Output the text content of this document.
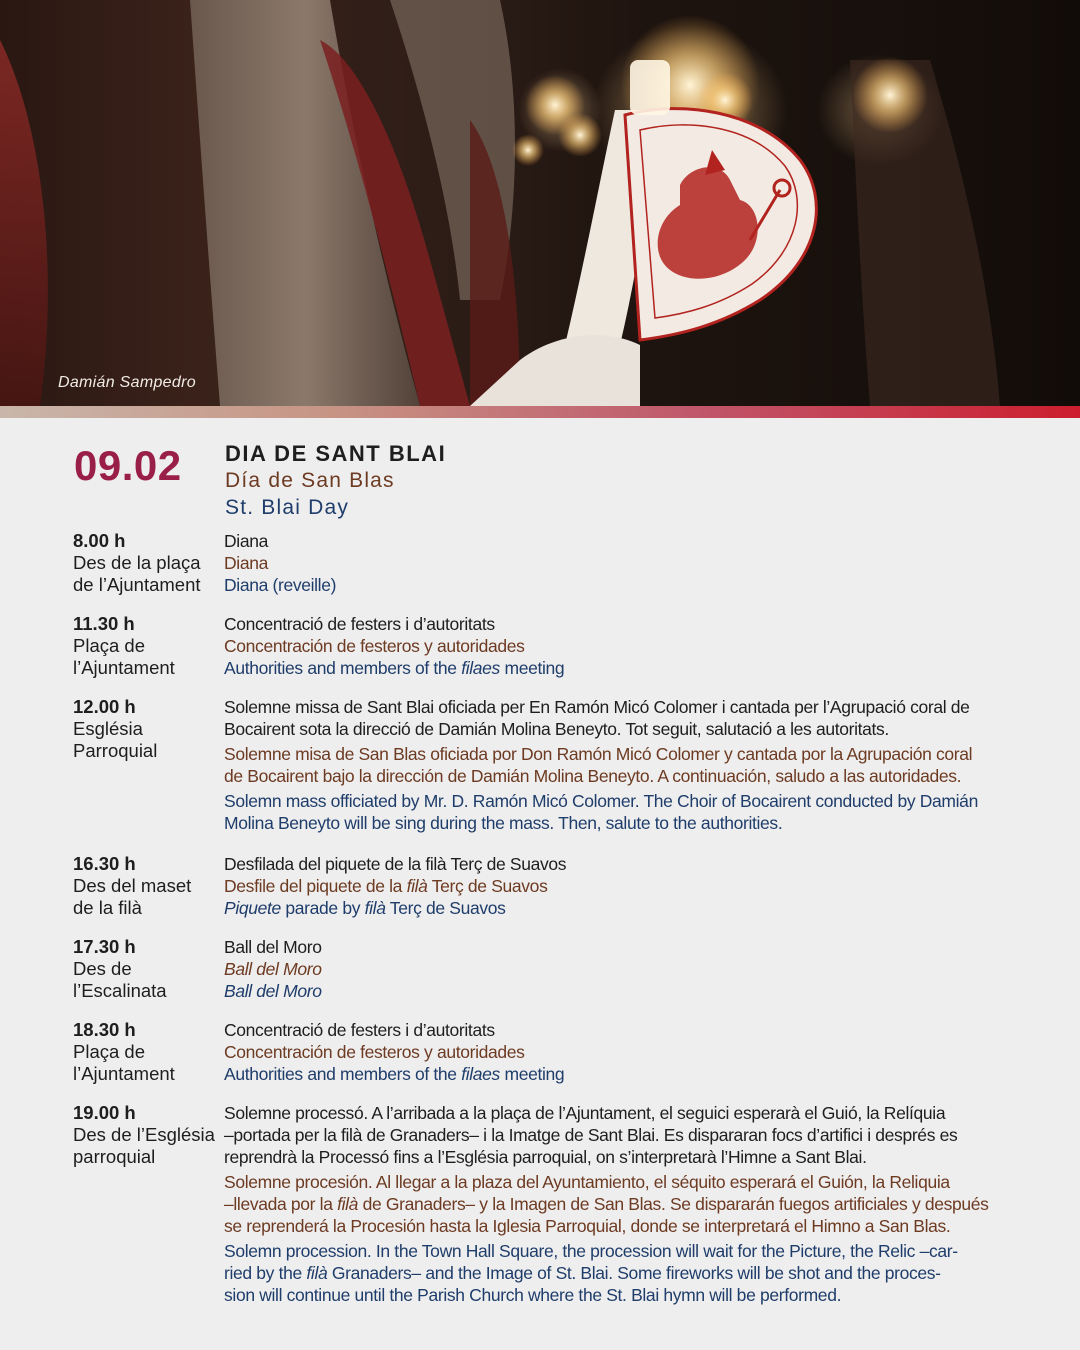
Damián Sampedro
09.02 DIA DE SANT BLAI
Día de San Blas
St. Blai Day
8.00 h
Des de la plaça
de l’Ajuntament
Diana
Diana
Diana (reveille)
11.30 h
Plaça de
l’Ajuntament
Concentració de festers i d’autoritats
Concentración de festeros y autoridades
Authorities and members of the filaes meeting
12.00 h
Església
Parroquial
Solemne missa de Sant Blai oficiada per En Ramón Micó Colomer i cantada per l’Agrupació coral de
Bocairent sota la direcció de Damián Molina Beneyto. Tot seguit, salutació a les autoritats.
Solemne misa de San Blas oficiada por Don Ramón Micó Colomer y cantada por la Agrupación coral
de Bocairent bajo la dirección de Damián Molina Beneyto. A continuación, saludo a las autoridades.
Solemn mass officiated by Mr. D. Ramón Micó Colomer. The Choir of Bocairent conducted by Damián
Molina Beneyto will be sing during the mass. Then, salute to the authorities.
16.30 h
Des del maset
de la filà
Desfilada del piquete de la filà Terç de Suavos
Desfile del piquete de la filà Terç de Suavos
Piquete parade by filà Terç de Suavos
17.30 h
Des de
l’Escalinata
Ball del Moro
Ball del Moro
Ball del Moro
18.30 h
Plaça de
l’Ajuntament
Concentració de festers i d’autoritats
Concentración de festeros y autoridades
Authorities and members of the filaes meeting
19.00 h
Des de l’Església
parroquial
Solemne processó. A l’arribada a la plaça de l’Ajuntament, el seguici esperarà el Guió, la Relíquia
–portada per la filà de Granaders– i la Imatge de Sant Blai. Es dispararan focs d’artifici i després es
reprendrà la Processó fins a l’Església parroquial, on s’interpretarà l’Himne a Sant Blai.
Solemne procesión. Al llegar a la plaza del Ayuntamiento, el séquito esperará el Guión, la Reliquia
–llevada por la filà de Granaders– y la Imagen de San Blas. Se dispararán fuegos artificiales y después
se reprenderá la Procesión hasta la Iglesia Parroquial, donde se interpretará el Himno a San Blas.
Solemn procession. In the Town Hall Square, the procession will wait for the Picture, the Relic –car-
ried by the filà Granaders– and the Image of St. Blai. Some fireworks will be shot and the proces-
sion will continue until the Parish Church where the St. Blai hymn will be performed.
